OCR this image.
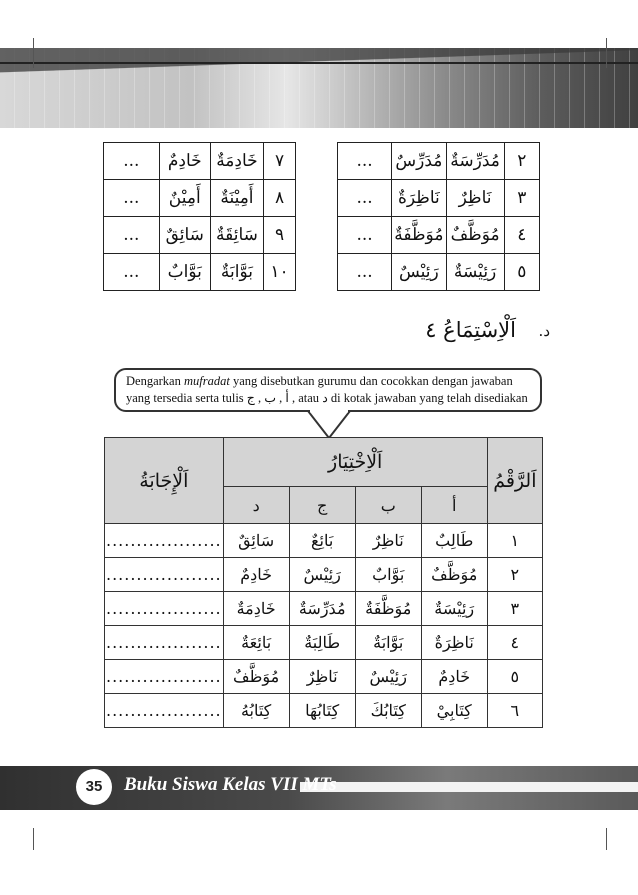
...	خَادِمٌ	خَادِمَةٌ	٧
...	أَمِيْنٌ	أَمِيْنَةٌ	٨
...	سَائِقٌ	سَائِقَةٌ	٩
...	بَوَّابٌ	بَوَّابَةٌ	١٠
...	مُدَرِّسٌ	مُدَرِّسَةٌ	٢
...	نَاظِرَةٌ	نَاظِرٌ	٣
...	مُوَظَّفَةٌ	مُوَظَّفٌ	٤
...	رَئِيْسٌ	رَئِيْسَةٌ	٥
د.
اَلْاِسْتِمَاعُ ٤
Dengarkan mufradat yang disebutkan gurumu dan cocokkan dengan jawaban
yang tersedia serta tulis أ , ب , ج , atau د di kotak jawaban yang telah disediakan
اَلْإِجَابَةُ	اَلْاِخْتِيَارُ				اَلرَّقْمُ
	د	ج	ب	أ	
...................	سَائِقٌ	بَائِعٌ	نَاظِرٌ	طَالِبٌ	١
...................	خَادِمٌ	رَئِيْسٌ	بَوَّابٌ	مُوَظَّفٌ	٢
...................	خَادِمَةٌ	مُدَرِّسَةٌ	مُوَظَّفَةٌ	رَئِيْسَةٌ	٣
...................	بَائِعَةٌ	طَالِبَةٌ	بَوَّابَةٌ	نَاظِرَةٌ	٤
...................	مُوَظَّفٌ	نَاظِرٌ	رَئِيْسٌ	خَادِمٌ	٥
...................	كِتَابُهُ	كِتَابُهَا	كِتَابُكَ	كِتَابِيْ	٦
35	Buku Siswa Kelas VII MTs
